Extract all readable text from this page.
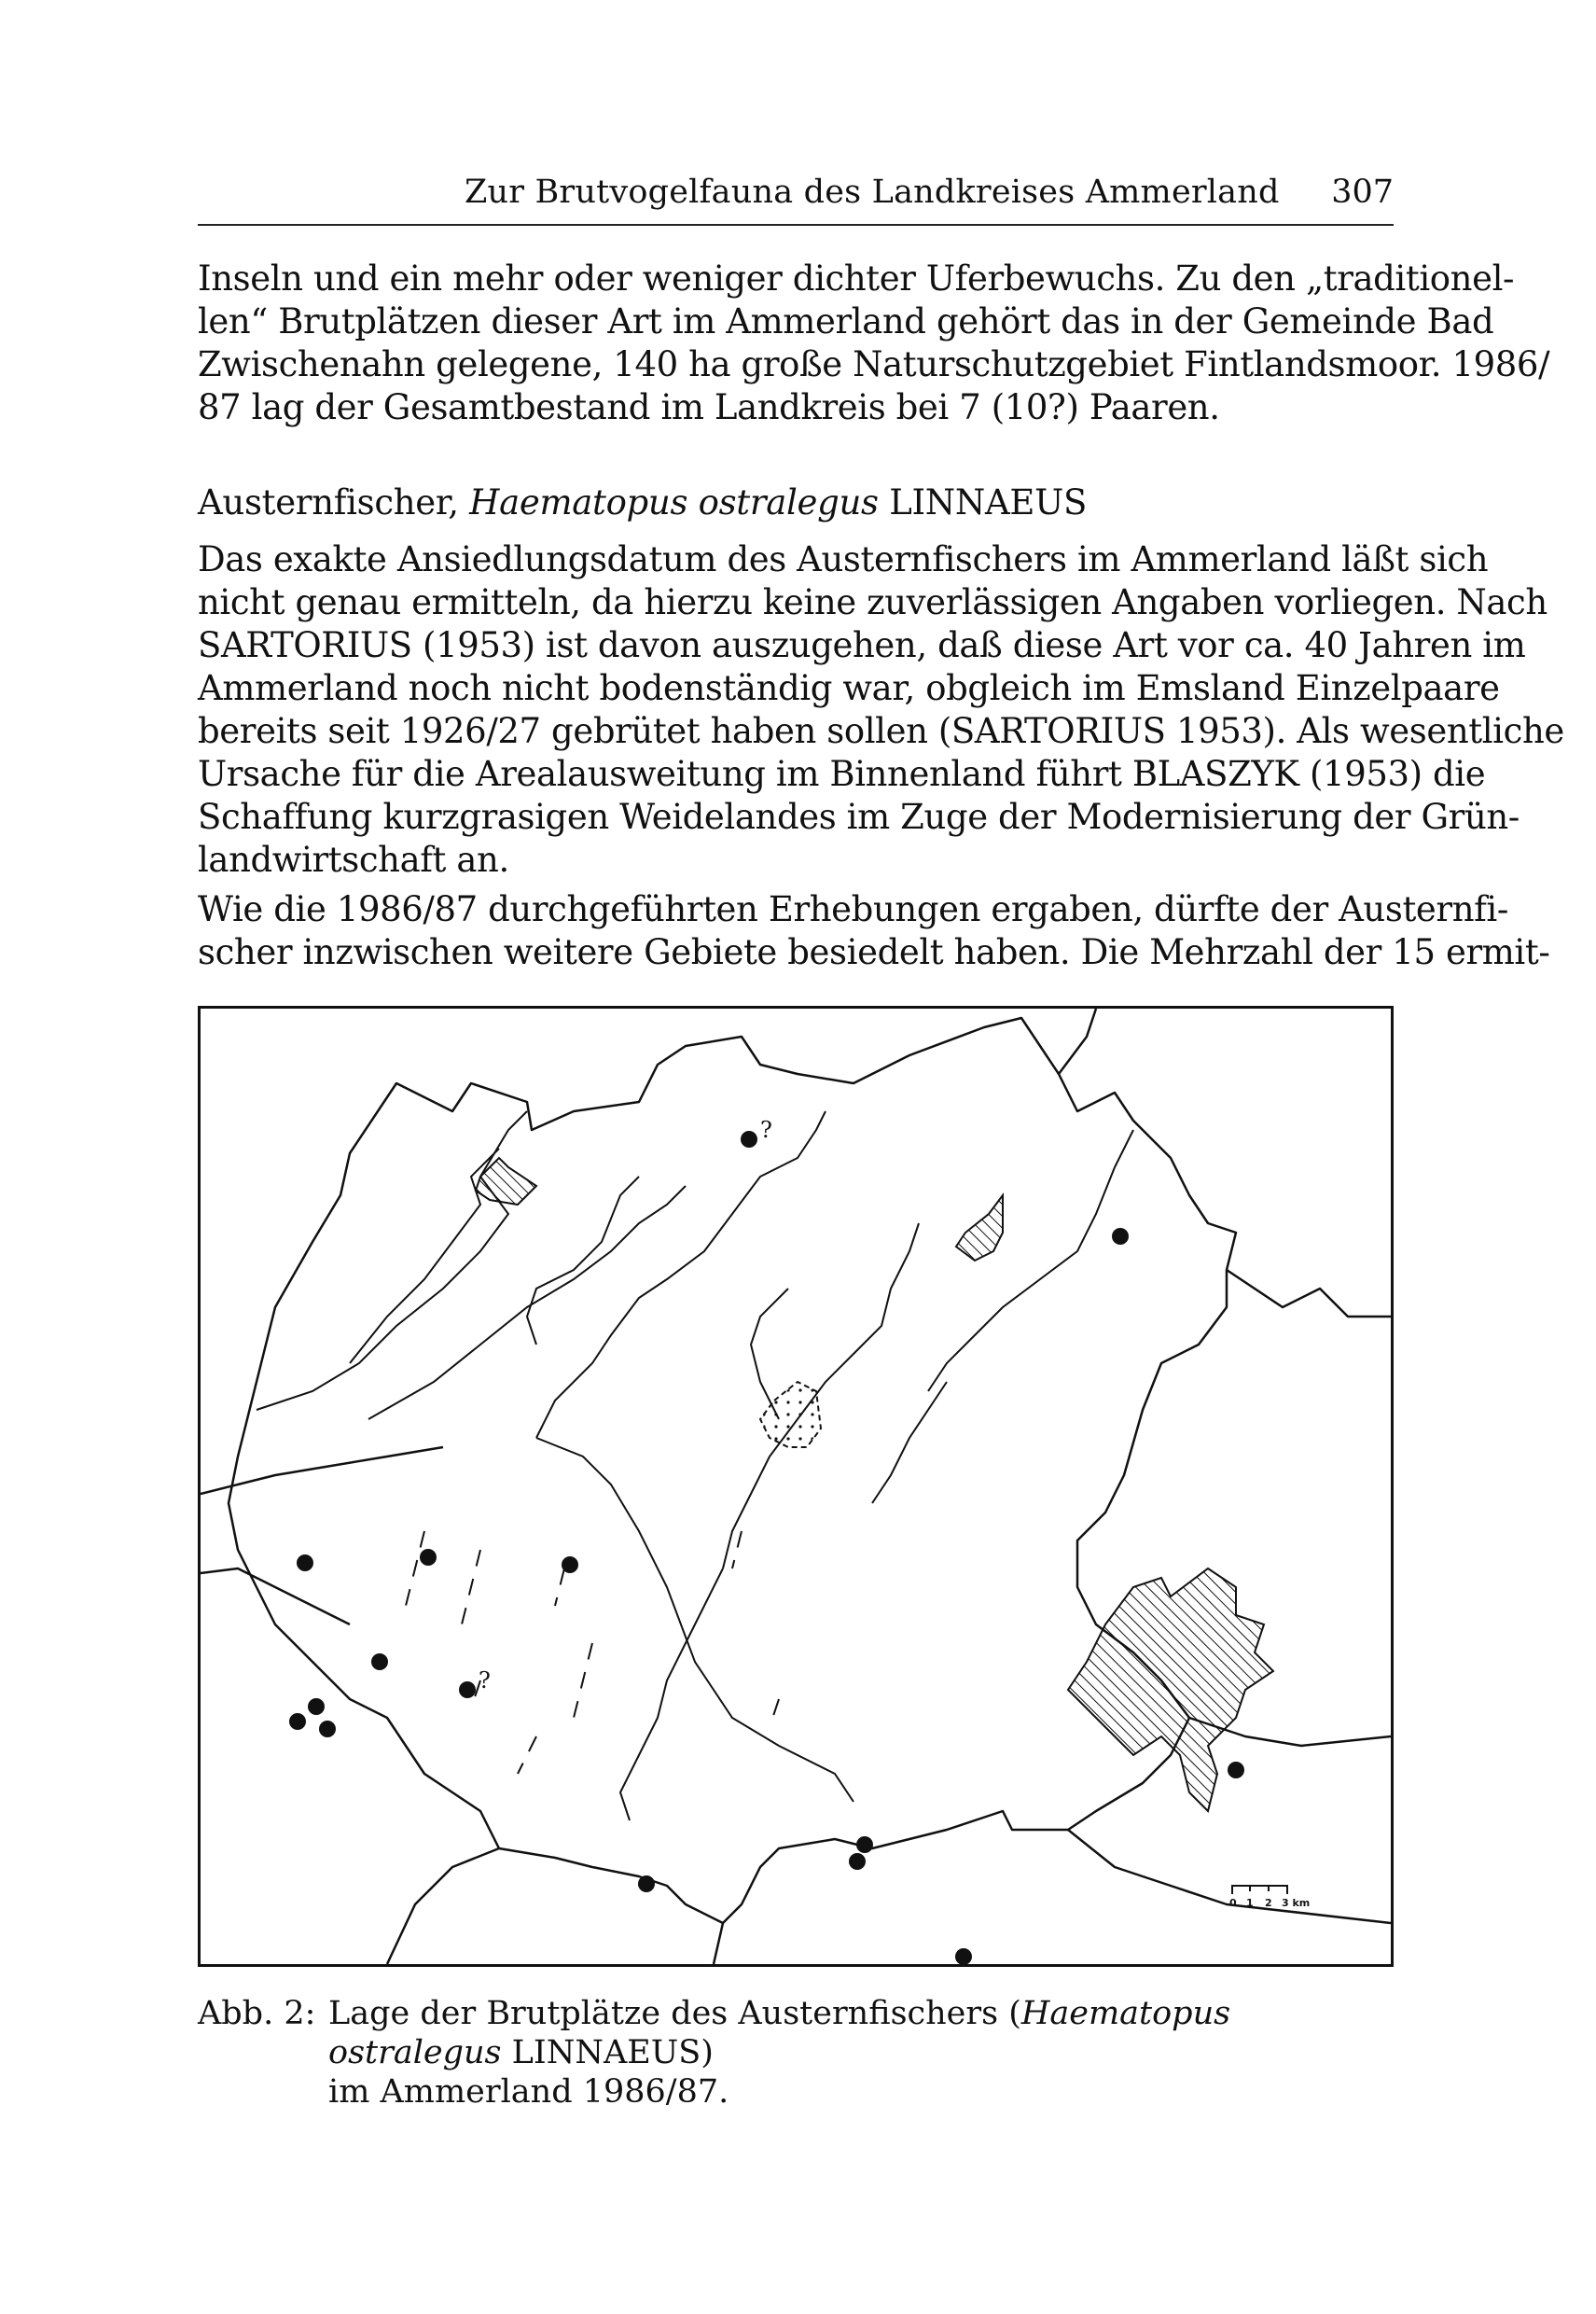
Zur Brutvogelfauna des Landkreises Ammerland 307
Inseln und ein mehr oder weniger dichter Uferbewuchs. Zu den „traditionel-
len“ Brutplätzen dieser Art im Ammerland gehört das in der Gemeinde Bad
Zwischenahn gelegene, 140 ha große Naturschutzgebiet Fintlandsmoor. 1986/
87 lag der Gesamtbestand im Landkreis bei 7 (10?) Paaren.
Austernfischer, Haematopus ostralegus LINNAEUS
Das exakte Ansiedlungsdatum des Austernfischers im Ammerland läßt sich
nicht genau ermitteln, da hierzu keine zuverlässigen Angaben vorliegen. Nach
SARTORIUS (1953) ist davon auszugehen, daß diese Art vor ca. 40 Jahren im
Ammerland noch nicht bodenständig war, obgleich im Emsland Einzelpaare
bereits seit 1926/27 gebrütet haben sollen (SARTORIUS 1953). Als wesentliche
Ursache für die Arealausweitung im Binnenland führt BLASZYK (1953) die
Schaffung kurzgrasigen Weidelandes im Zuge der Modernisierung der Grün-
landwirtschaft an.
Wie die 1986/87 durchgeführten Erhebungen ergaben, dürfte der Austernfi-
scher inzwischen weitere Gebiete besiedelt haben. Die Mehrzahl der 15 ermit-
?
?
0 1 2 3 km
Abb. 2: Lage der Brutplätze des Austernfischers (Haematopus ostralegus LINNAEUS)
im Ammerland 1986/87.
